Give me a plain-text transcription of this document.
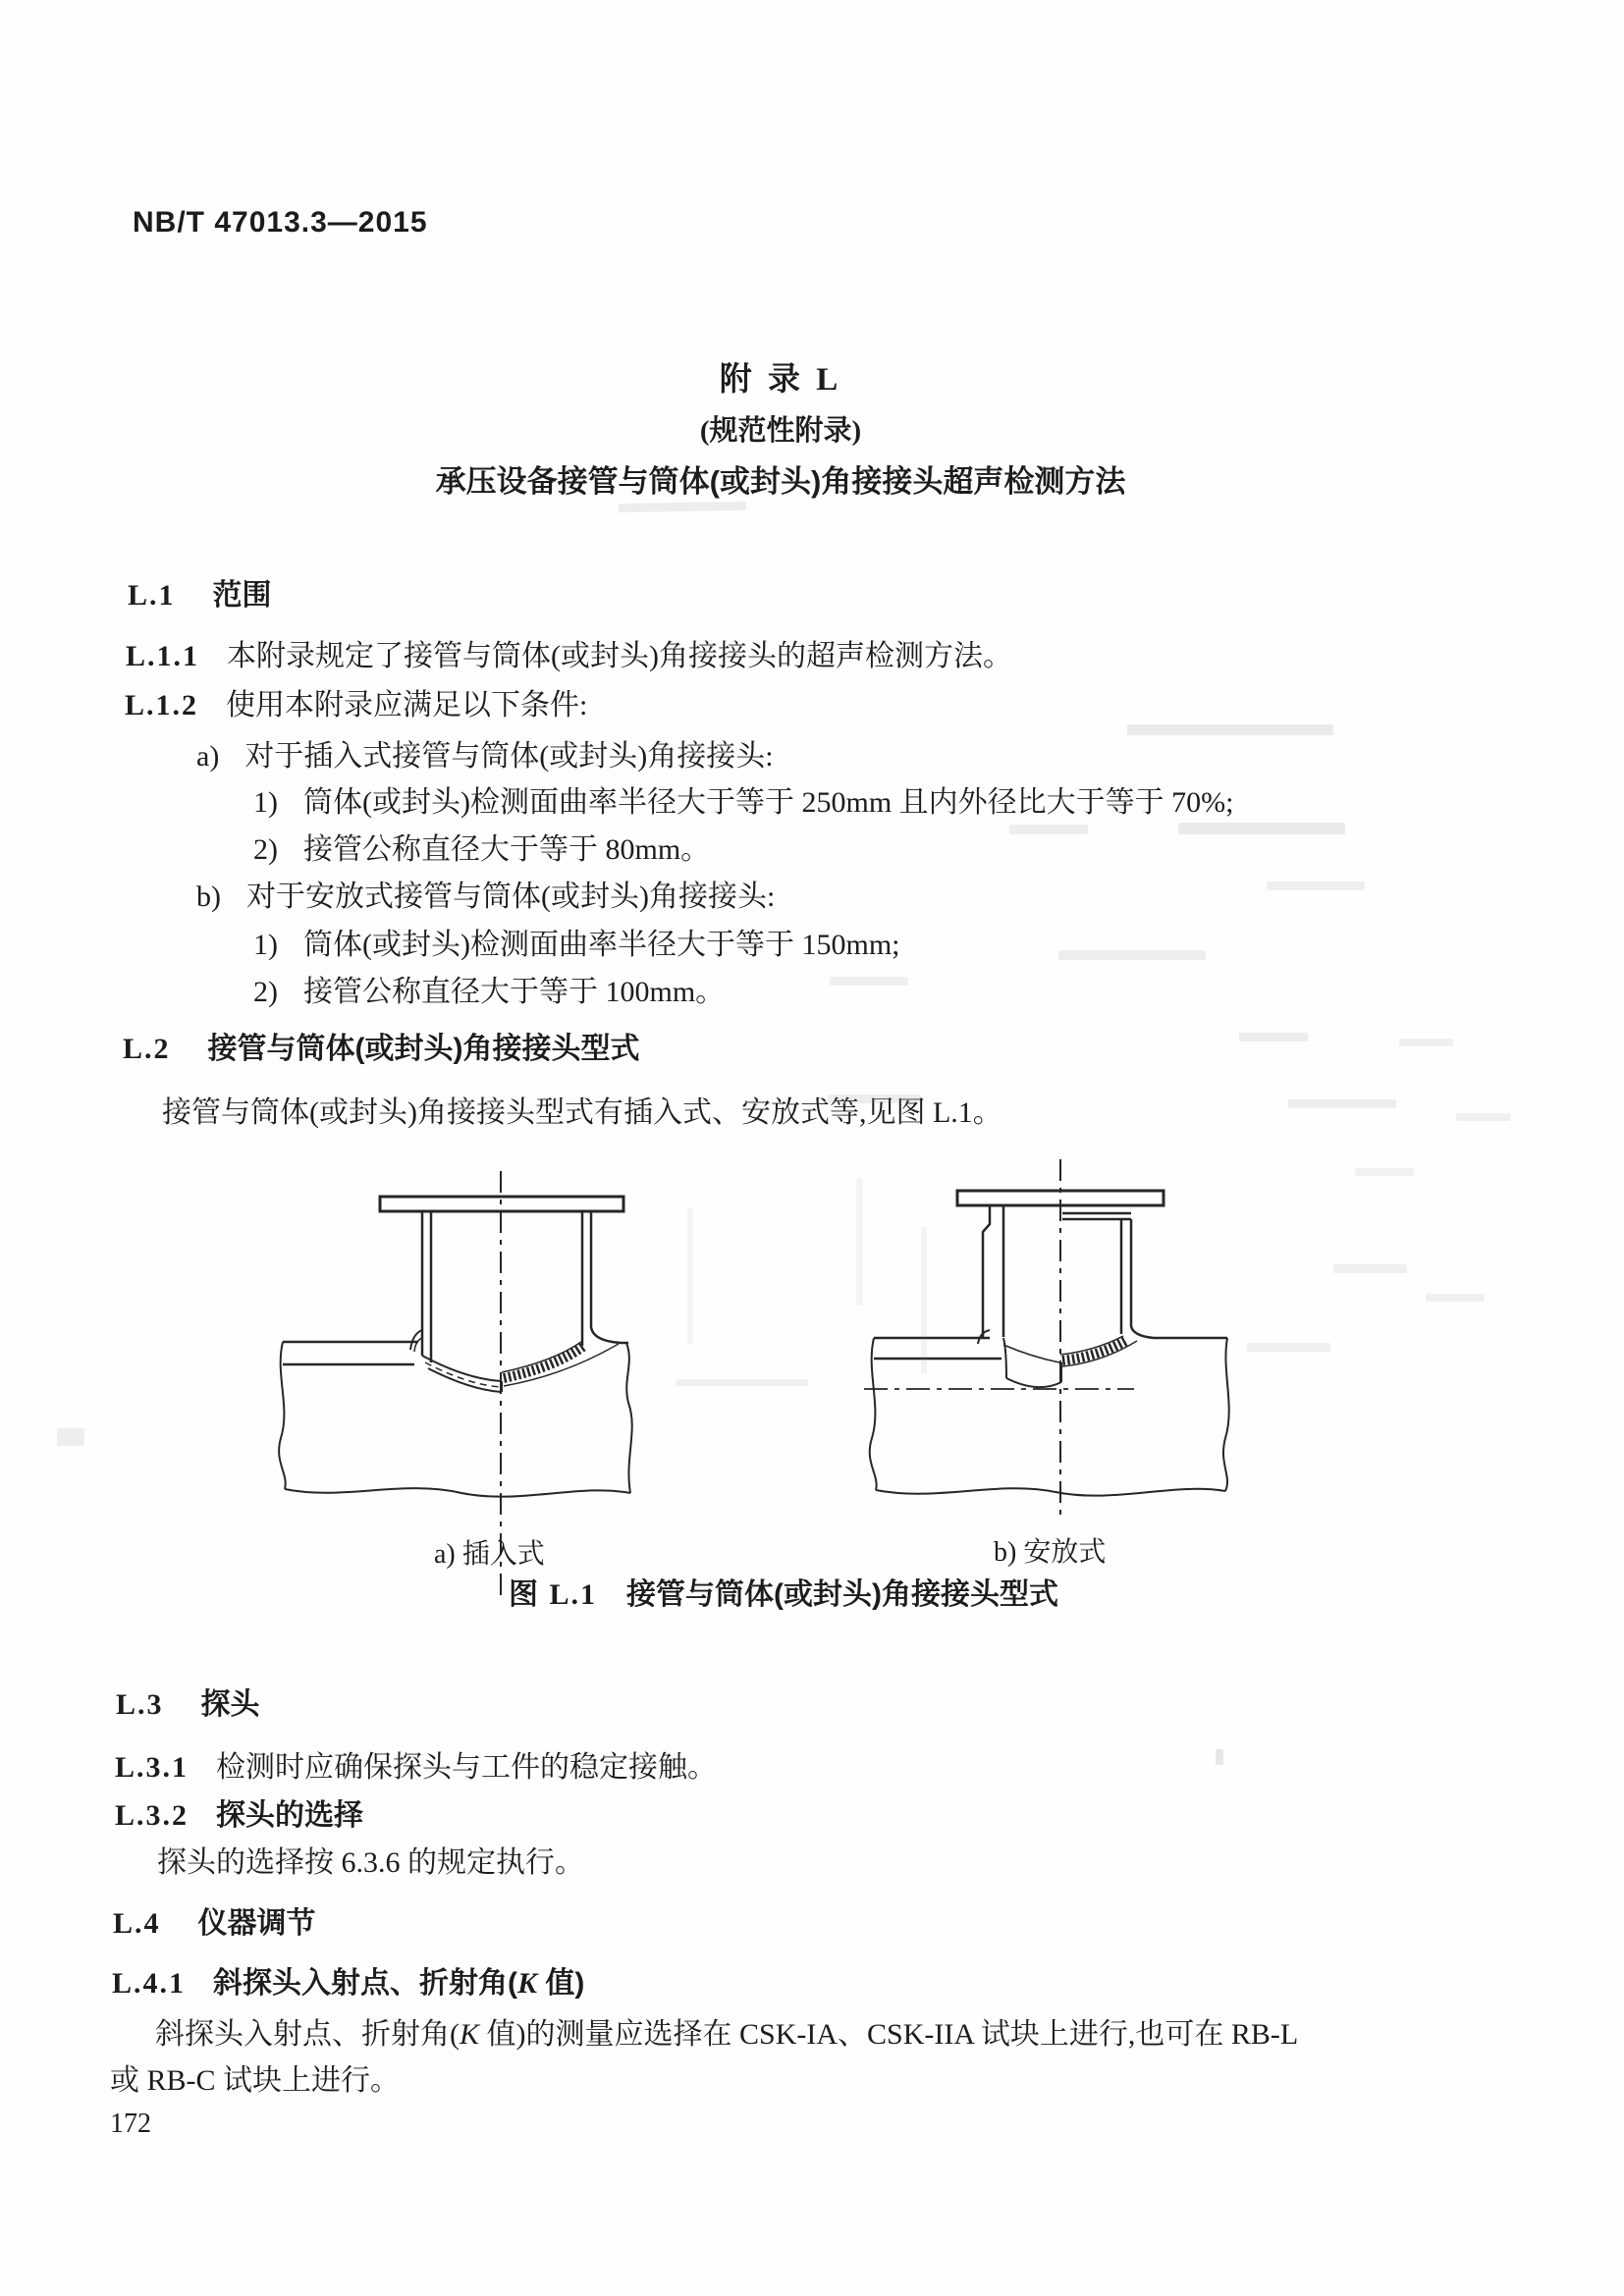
NB/T 47013.3—2015
附 录 L
(规范性附录)
承压设备接管与筒体(或封头)角接接头超声检测方法
L.1 范围
L.1.1 本附录规定了接管与筒体(或封头)角接接头的超声检测方法。
L.1.2 使用本附录应满足以下条件:
a) 对于插入式接管与筒体(或封头)角接接头:
1) 筒体(或封头)检测面曲率半径大于等于 250mm 且内外径比大于等于 70%;
2) 接管公称直径大于等于 80mm。
b) 对于安放式接管与筒体(或封头)角接接头:
1) 筒体(或封头)检测面曲率半径大于等于 150mm;
2) 接管公称直径大于等于 100mm。
L.2 接管与筒体(或封头)角接接头型式
接管与筒体(或封头)角接接头型式有插入式、安放式等,见图 L.1。
a) 插入式	b) 安放式
图 L.1 接管与筒体(或封头)角接接头型式
L.3 探头
L.3.1 检测时应确保探头与工件的稳定接触。
L.3.2 探头的选择
探头的选择按 6.3.6 的规定执行。
L.4 仪器调节
L.4.1 斜探头入射点、折射角(K 值)
斜探头入射点、折射角(K 值)的测量应选择在 CSK-IA、CSK-IIA 试块上进行,也可在 RB-L
或 RB-C 试块上进行。
172
